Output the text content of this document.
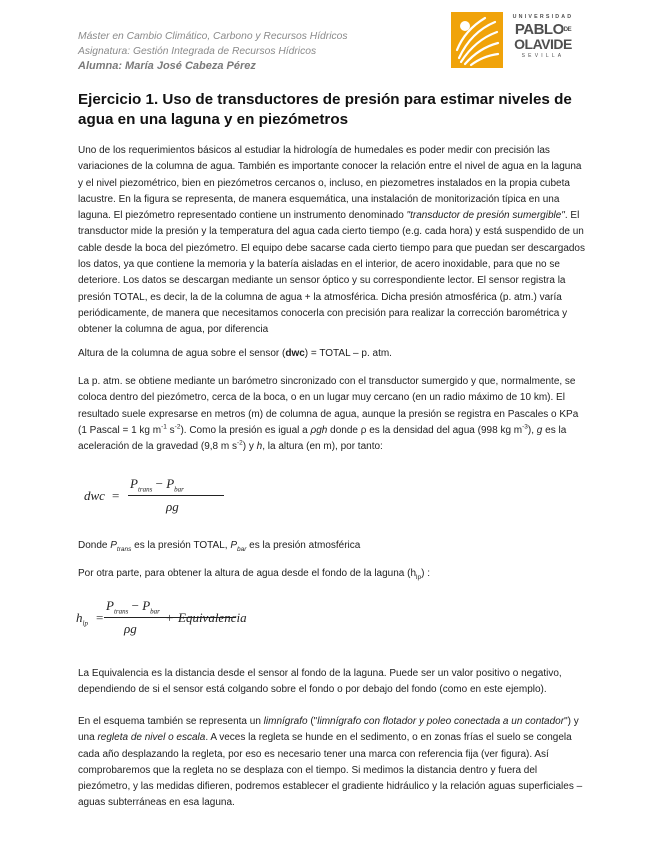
Máster en Cambio Climático, Carbono y Recursos Hídricos
Asignatura: Gestión Integrada de Recursos Hídricos
Alumna: María José Cabeza Pérez
UNIVERSIDAD
$PABLO^{DE}$
OLAVIDE
SEVILLA
Ejercicio 1. Uso de transductores de presión para estimar niveles de agua en una laguna y en piezómetros
Uno de los requerimientos básicos al estudiar la hidrología de humedales es poder medir con precisión las variaciones de la columna de agua. También es importante conocer la relación entre el nivel de agua en la laguna y el nivel piezométrico, bien en piezómetros cercanos o, incluso, en piezometres instalados en la propia cubeta lacustre. En la figura se representa, de manera esquemática, una instalación de monitorización típica en una laguna. El piezómetro representado contiene un instrumento denominado "transductor de presión sumergible". El transductor mide la presión y la temperatura del agua cada cierto tiempo (e.g. cada hora) y está suspendido de un cable desde la boca del piezómetro. El equipo debe sacarse cada cierto tiempo para que puedan ser descargados los datos, ya que contiene la memoria y la batería aisladas en el interior, de acero inoxidable, para que no se deteriore. Los datos se descargan mediante un sensor óptico y su correspondiente lector. El sensor registra la presión TOTAL, es decir, la de la columna de agua + la atmosférica. Dicha presión atmosférica (p. atm.) varía periódicamente, de manera que necesitamos conocerla con precisión para realizar la corrección barométrica y obtener la columna de agua, por diferencia
Altura de la columna de agua sobre el sensor (dwc) = TOTAL – p. atm.
La p. atm. se obtiene mediante un barómetro sincronizado con el transductor sumergido y que, normalmente, se coloca dentro del piezómetro, cerca de la boca, o en un lugar muy cercano (en un radio máximo de 10 km). El resultado suele expresarse en metros (m) de columna de agua, aunque la presión se registra en Pascales o KPa (1 Pascal = 1 kg $m^{-1}$ $s^{-2}$). Como la presión es igual a ρgh donde ρ es la densidad del agua (998 kg $m^{-3}$), g es la aceleración de la gravedad (9,8 m $s^{-2}$) y h, la altura (en m), por tanto:
dwc =
$P_{trans} - P_{bar}$
ρg
Donde $P_{trans}$ es la presión TOTAL, $P_{bar}$ es la presión atmosférica
Por otra parte, para obtener la altura de agua desde el fondo de la laguna $(h_{lp})$ :
$h_{lp}$ =
$P_{trans} - P_{bar}$
ρg
+ Equivalencia
La Equivalencia es la distancia desde el sensor al fondo de la laguna. Puede ser un valor positivo o negativo, dependiendo de si el sensor está colgando sobre el fondo o por debajo del fondo (como en este ejemplo).
En el esquema también se representa un limnígrafo ("limnígrafo con flotador y poleo conectada a un contador") y una regleta de nivel o escala. A veces la regleta se hunde en el sedimento, o en zonas frías el suelo se congela cada año desplazando la regleta, por eso es necesario tener una marca con referencia fija (ver figura). Así comprobaremos que la regleta no se desplaza con el tiempo. Si medimos la distancia dentro y fuera del piezómetro, y las medidas difieren, podremos establecer el gradiente hidráulico y la relación aguas superficiales – aguas subterráneas en esa laguna.
